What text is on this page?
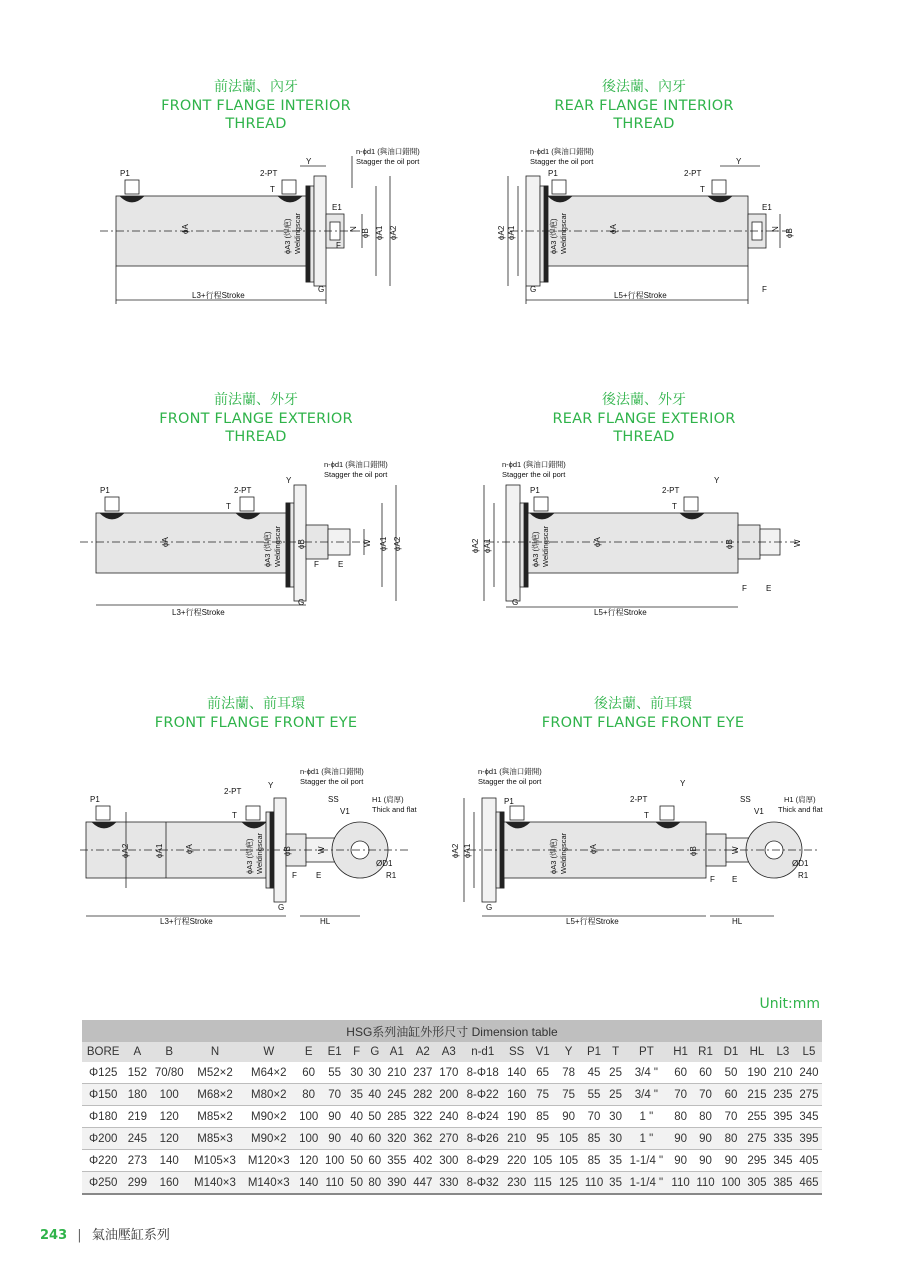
前法蘭、內牙
FRONT FLANGE INTERIOR THREAD
後法蘭、內牙
REAR FLANGE INTERIOR THREAD
前法蘭、外牙
FRONT FLANGE EXTERIOR THREAD
後法蘭、外牙
REAR FLANGE EXTERIOR THREAD
前法蘭、前耳環
FRONT FLANGE FRONT EYE
後法蘭、前耳環
FRONT FLANGE FRONT EYE
P1	2-PT
Y
T
n-ϕd1 (與油口錯開)
Stagger the oil port
ϕA	ϕA3 (焊疤) Weldingscar
E1
F
G
N ϕB ϕA1 ϕA2
L3+行程Stroke
n-ϕd1 (與油口錯開)
Stagger the oil port
P1	2-PT
Y
T
ϕA2 ϕA1	ϕA3 (焊疤) Weldingscar	ϕA
E1
N ϕB
G	F
L5+行程Stroke
n-ϕd1 (與油口錯開)
Stagger the oil port
P1	2-PT
Y
T
ϕA	ϕA3 (焊疤) Weldingscar ϕB	W ϕA1 ϕA2
F E
G
L3+行程Stroke
n-ϕd1 (與油口錯開)
Stagger the oil port
P1	2-PT
Y
T
ϕA2 ϕA1	ϕA3 (焊疤) Weldingscar	ϕA	ϕB	W
F E
G
L5+行程Stroke
n-ϕd1 (與油口錯開)
Stagger the oil port
P1
2-PT
Y
T
SS
V1
H1 (肩厚)
Thick and flat
ϕA2	ϕA1	ϕA	ϕA3 (焊疤) Weldingscar ϕB	W
ØD1
R1
F E
G
L3+行程Stroke	HL
n-ϕd1 (與油口錯開)
Stagger the oil port
P1	2-PT
Y
T
SS
V1
H1 (肩厚)
Thick and flat
ϕA2 ϕA1	ϕA3 (焊疤) Weldingscar	ϕA	ϕB	W
ØD1
R1
F E
G
L5+行程Stroke	HL
Unit:mm
HSG系列油缸外形尺寸 Dimension table																								
BORE	A	B	N	W	E	E1	F	G	A1	A2	A3	n-d1	SS	V1	Y	P1	T	PT	H1	R1	D1	HL	L3	L5
Φ125	152	70/80	M52×2	M64×2	60	55	30	30	210	237	170	8-Φ18	140	65	78	45	25	3/4 "	60	60	50	190	210	240
Φ150	180	100	M68×2	M80×2	80	70	35	40	245	282	200	8-Φ22	160	75	75	55	25	3/4 "	70	70	60	215	235	275
Φ180	219	120	M85×2	M90×2	100	90	40	50	285	322	240	8-Φ24	190	85	90	70	30	1 "	80	80	70	255	395	345
Φ200	245	120	M85×3	M90×2	100	90	40	60	320	362	270	8-Φ26	210	95	105	85	30	1 "	90	90	80	275	335	395
Φ220	273	140	M105×3	M120×3	120	100	50	60	355	402	300	8-Φ29	220	105	105	85	35	1-1/4 "	90	90	90	295	345	405
Φ250	299	160	M140×3	M140×3	140	110	50	80	390	447	330	8-Φ32	230	115	125	110	35	1-1/4 "	110	110	100	305	385	465
243 | 氣油壓缸系列
